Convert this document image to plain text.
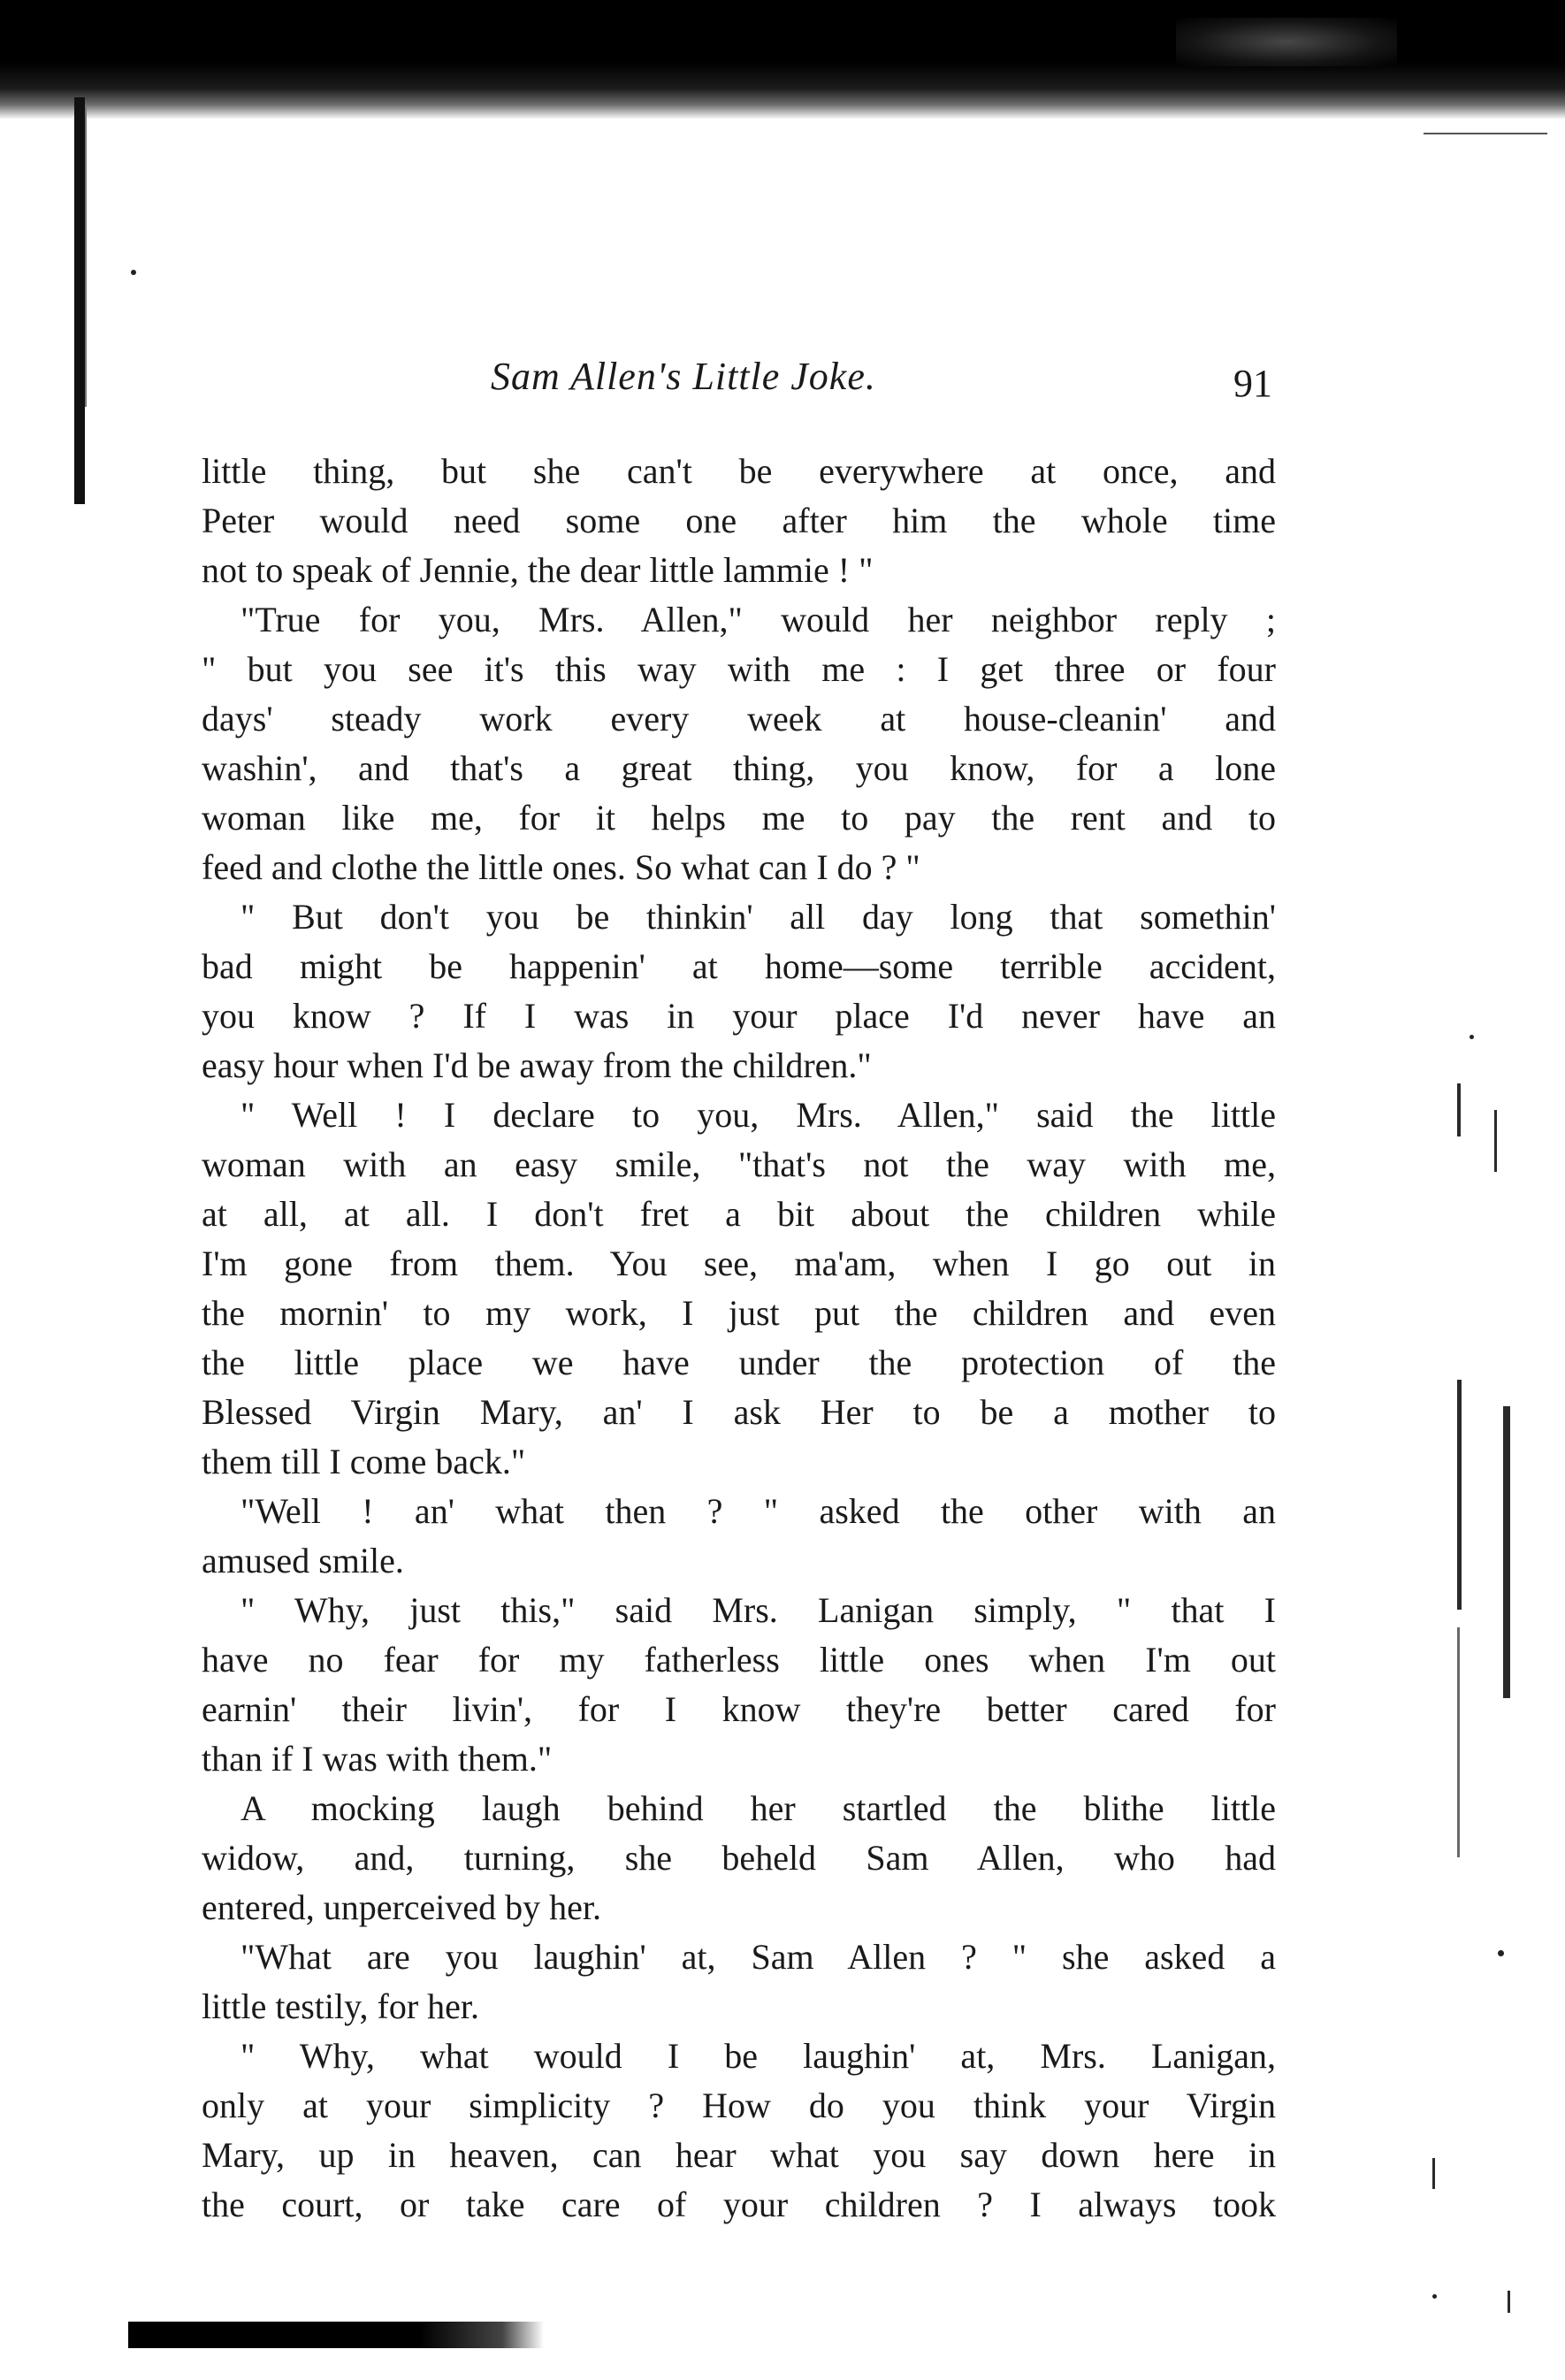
Sam Allen's Little Joke.	91
little thing, but she can't be everywhere at once, and
Peter would need some one after him the whole time
not to speak of Jennie, the dear little lammie ! "
"True for you, Mrs. Allen," would her neighbor reply ;
" but you see it's this way with me : I get three or four
days' steady work every week at house-cleanin' and
washin', and that's a great thing, you know, for a lone
woman like me, for it helps me to pay the rent and to
feed and clothe the little ones. So what can I do ? "
" But don't you be thinkin' all day long that somethin'
bad might be happenin' at home—some terrible accident,
you know ? If I was in your place I'd never have an
easy hour when I'd be away from the children."
" Well ! I declare to you, Mrs. Allen," said the little
woman with an easy smile, "that's not the way with me,
at all, at all. I don't fret a bit about the children while
I'm gone from them. You see, ma'am, when I go out in
the mornin' to my work, I just put the children and even
the little place we have under the protection of the
Blessed Virgin Mary, an' I ask Her to be a mother to
them till I come back."
"Well ! an' what then ? " asked the other with an
amused smile.
" Why, just this," said Mrs. Lanigan simply, " that I
have no fear for my fatherless little ones when I'm out
earnin' their livin', for I know they're better cared for
than if I was with them."
A mocking laugh behind her startled the blithe little
widow, and, turning, she beheld Sam Allen, who had
entered, unperceived by her.
"What are you laughin' at, Sam Allen ? " she asked a
little testily, for her.
" Why, what would I be laughin' at, Mrs. Lanigan,
only at your simplicity ? How do you think your Virgin
Mary, up in heaven, can hear what you say down here in
the court, or take care of your children ? I always took
